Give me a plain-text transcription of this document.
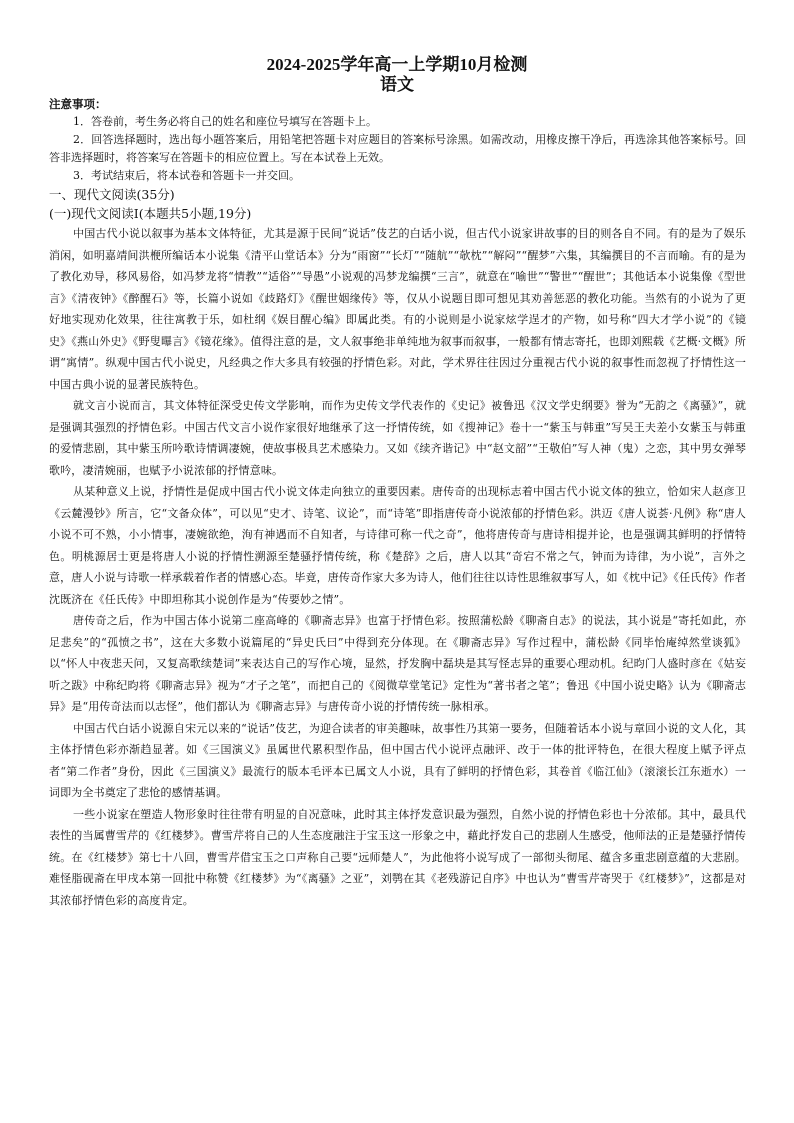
2024-2025学年高一上学期10月检测
语文
注意事项：

1．答卷前，考生务必将自己的姓名和座位号填写在答题卡上。

2．回答选择题时，选出每小题答案后，用铅笔把答题卡对应题目的答案标号涂黑。如需改动，用橡皮擦干净后，再选涂其他答案标号。回答非选择题时，将答案写在答题卡的相应位置上。写在本试卷上无效。

3．考试结束后，将本试卷和答题卡一并交回。

一、现代文阅读(35分)

(一)现代文阅读Ⅰ(本题共5小题,19分)

中国古代小说以叙事为基本文体特征，尤其是源于民间“说话”伎艺的白话小说，但古代小说家讲故事的目的则各自不同。有的是为了娱乐消闲，如明嘉靖间洪楩所编话本小说集《清平山堂话本》分为“雨窗”“长灯”“随航”“欹枕”“解闷”“醒梦”六集，其编撰目的不言而喻。有的是为了教化劝导，移风易俗，如冯梦龙将“情教”“适俗”“导愚”小说观的冯梦龙编撰“三言”，就意在“喻世”“警世”“醒世”；其他话本小说集像《型世言》《清夜钟》《醉醒石》等，长篇小说如《歧路灯》《醒世姻缘传》等，仅从小说题目即可想见其劝善惩恶的教化功能。当然有的小说为了更好地实现劝化效果，往往寓教于乐，如杜纲《娱目醒心编》即属此类。有的小说则是小说家炫学逞才的产物，如号称“四大才学小说”的《镜史》《燕山外史》《野叟曝言》《镜花缘》。值得注意的是，文人叙事绝非单纯地为叙事而叙事，一般都有情志寄托，也即刘熙载《艺概·文概》所谓“寓情”。纵观中国古代小说史，凡经典之作大多具有较强的抒情色彩。对此，学术界往往因过分重视古代小说的叙事性而忽视了抒情性这一中国古典小说的显著民族特色。

就文言小说而言，其文体特征深受史传文学影响，而作为史传文学代表作的《史记》被鲁迅《汉文学史纲要》誉为“无韵之《离骚》”，就是强调其强烈的抒情色彩。中国古代文言小说作家很好地继承了这一抒情传统，如《搜神记》卷十一“紫玉与韩重”写吴王夫差小女紫玉与韩重的爱情悲剧，其中紫玉所吟歌诗情调凄婉，使故事极具艺术感染力。又如《续齐谐记》中“赵文韶”“王敬伯”写人神（鬼）之恋，其中男女弹琴歌吟，凄清婉丽，也赋予小说浓郁的抒情意味。

从某种意义上说，抒情性是促成中国古代小说文体走向独立的重要因素。唐传奇的出现标志着中国古代小说文体的独立，恰如宋人赵彦卫《云麓漫钞》所言，它“文备众体”，可以见“史才、诗笔、议论”，而“诗笔”即指唐传奇小说浓郁的抒情色彩。洪迈《唐人说荟·凡例》称“唐人小说不可不熟，小小情事，凄婉欲绝，洵有神遇而不自知者，与诗律可称一代之奇”，他将唐传奇与唐诗相提并论，也是强调其鲜明的抒情特色。明桃源居士更是将唐人小说的抒情性溯源至楚骚抒情传统，称《楚辞》之后，唐人以其“奇宕不常之气，钟而为诗律，为小说”，言外之意，唐人小说与诗歌一样承载着作者的情感心态。毕竟，唐传奇作家大多为诗人，他们往往以诗性思维叙事写人，如《枕中记》《任氏传》作者沈既济在《任氏传》中即坦称其小说创作是为“传要妙之情”。

唐传奇之后，作为中国古体小说第二座高峰的《聊斋志异》也富于抒情色彩。按照蒲松龄《聊斋自志》的说法，其小说是“寄托如此，亦足悲矣”的“孤愤之书”，这在大多数小说篇尾的“异史氏曰”中得到充分体现。在《聊斋志异》写作过程中，蒲松龄《同毕怡庵绰然堂谈狐》以“怀人中夜悲天问，又复高歌续楚词”来表达自己的写作心境，显然，抒发胸中磊块是其写怪志异的重要心理动机。纪昀门人盛时彦在《姑妄听之跋》中称纪昀将《聊斋志异》视为“才子之笔”，而把自己的《阅微草堂笔记》定性为“著书者之笔”；鲁迅《中国小说史略》认为《聊斋志异》是“用传奇法而以志怪”，他们都认为《聊斋志异》与唐传奇小说的抒情传统一脉相承。

中国古代白话小说源自宋元以来的“说话”伎艺，为迎合读者的审美趣味，故事性乃其第一要务，但随着话本小说与章回小说的文人化，其主体抒情色彩亦渐趋显著。如《三国演义》虽属世代累积型作品，但中国古代小说评点融评、改于一体的批评特色，在很大程度上赋予评点者“第二作者”身份，因此《三国演义》最流行的版本毛评本已属文人小说，具有了鲜明的抒情色彩，其卷首《临江仙》（滚滚长江东逝水）一词即为全书奠定了悲怆的感情基调。

一些小说家在塑造人物形象时往往带有明显的自况意味，此时其主体抒发意识最为强烈，自然小说的抒情色彩也十分浓郁。其中，最具代表性的当属曹雪芹的《红楼梦》。曹雪芹将自己的人生态度融注于宝玉这一形象之中，藉此抒发自己的悲剧人生感受，他师法的正是楚骚抒情传统。在《红楼梦》第七十八回，曹雪芹借宝玉之口声称自己要“远师楚人”，为此他将小说写成了一部彻头彻尾、蕴含多重悲剧意蕴的大悲剧。难怪脂砚斋在甲戌本第一回批中称赞《红楼梦》为“《离骚》之亚”，刘鹗在其《老残游记自序》中也认为“曹雪芹寄哭于《红楼梦》”，这都是对其浓郁抒情色彩的高度肯定。
